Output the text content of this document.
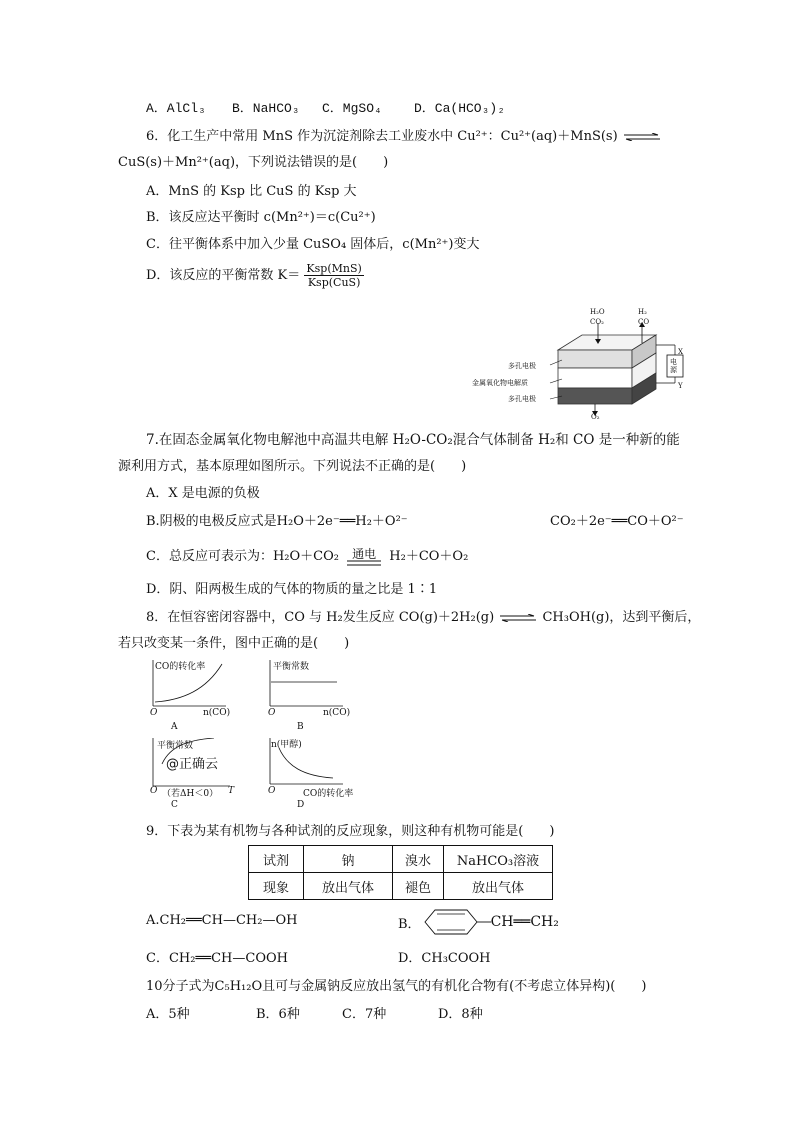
A．AlCl₃ B．NaHCO₃ C．MgSO₄ D．Ca(HCO₃)₂
6．化工生产中常用 MnS 作为沉淀剂除去工业废水中 Cu²⁺：Cu²⁺(aq)＋MnS(s) ⇌
CuS(s)＋Mn²⁺(aq)，下列说法错误的是(　　)
A．MnS 的 Ksp 比 CuS 的 Ksp 大
B．该反应达平衡时 c(Mn²⁺)＝c(Cu²⁺)
C．往平衡体系中加入少量 CuSO₄ 固体后，c(Mn²⁺)变大
D．该反应的平衡常数 $K= \frac{\text{Ksp(MnS)}}{\text{Ksp(CuS)}}$
H₂O
CO₂
H₂
CO
多孔电极
金属氧化物电解质
多孔电极
O₂
X
Y
电源
7.在固态金属氧化物电解池中高温共电解 H₂O-CO₂混合气体制备 H₂和 CO 是一种新的能
源利用方式，基本原理如图所示。下列说法不正确的是(　　)
A．X 是电源的负极
B.阴极的电极反应式是H₂O＋2e⁻══H₂＋O²⁻	CO₂＋2e⁻══CO＋O²⁻
C．总反应可表示为：H₂O＋CO₂ 通电 H₂＋CO＋O₂
D．阴、阳两极生成的气体的物质的量之比是 1∶1
8．在恒容密闭容器中，CO 与 H₂发生反应 CO(g)＋2H₂(g) ⇌ CH₃OH(g)，达到平衡后，
若只改变某一条件，图中正确的是(　　)
CO的转化率
n(CO)
O
A
平衡常数
n(CO)
O
B
平衡常数
@正确云
（若ΔH＜0） T
O
C
n(甲醇)
CO的转化率
O
D
9．下表为某有机物与各种试剂的反应现象，则这种有机物可能是(　　)
试剂	钠	溴水	NaHCO₃溶液
现象	放出气体	褪色	放出气体
A.CH₂══CH—CH₂—OH	B．	CH══CH₂
C．CH₂══CH—COOH	D．CH₃COOH
10分子式为C₅H₁₂O且可与金属钠反应放出氢气的有机化合物有(不考虑立体异构)(　　)
A．5种	B．6种	C．7种	D．8种
